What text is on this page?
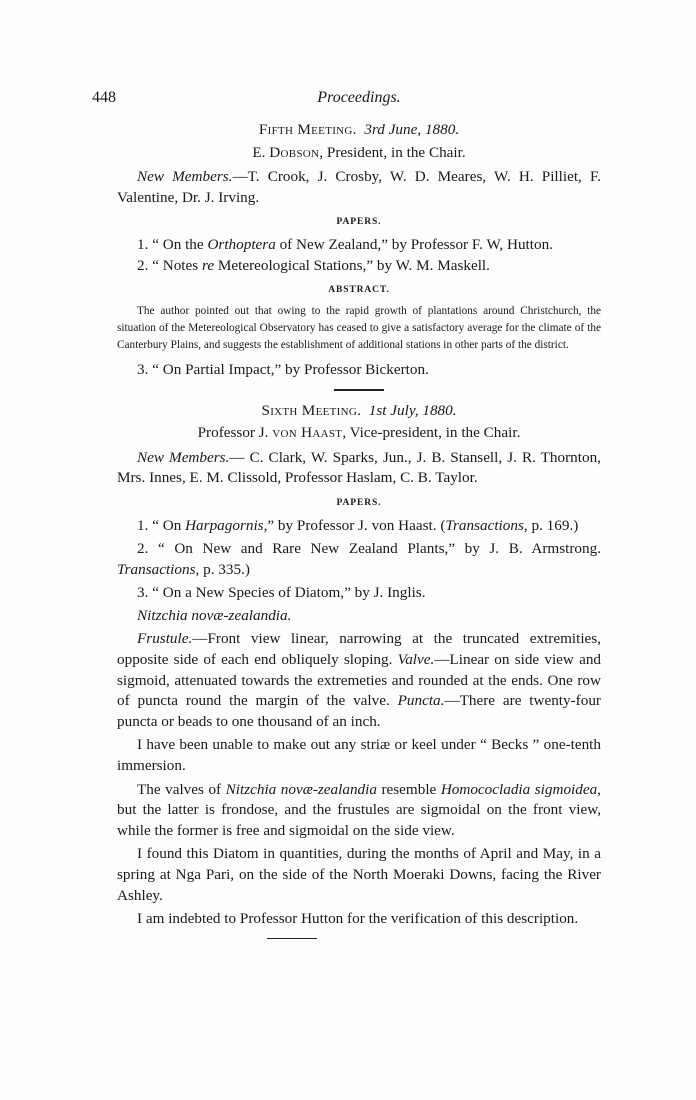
448	Proceedings.
Fifth Meeting. 3rd June, 1880.
E. Dobson, President, in the Chair.

New Members.—T. Crook, J. Crosby, W. D. Meares, W. H. Pilliet, F. Valentine, Dr. J. Irving.

PAPERS.

1. “ On the Orthoptera of New Zealand,” by Professor F. W, Hutton.

2. “ Notes re Metereological Stations,” by W. M. Maskell.

ABSTRACT.

The author pointed out that owing to the rapid growth of plantations around Christchurch, the situation of the Metereological Observatory has ceased to give a satisfactory average for the climate of the Canterbury Plains, and suggests the establishment of additional stations in other parts of the district.

3. “ On Partial Impact,” by Professor Bickerton.

Sixth Meeting. 1st July, 1880.
Professor J. von Haast, Vice-president, in the Chair.

New Members.— C. Clark, W. Sparks, Jun., J. B. Stansell, J. R. Thornton, Mrs. Innes, E. M. Clissold, Professor Haslam, C. B. Taylor.

PAPERS.

1. “ On Harpagornis,” by Professor J. von Haast. (Transactions, p. 169.)

2. “ On New and Rare New Zealand Plants,” by J. B. Armstrong. Transactions, p. 335.)

3. “ On a New Species of Diatom,” by J. Inglis.

Nitzchia novæ-zealandia.

Frustule.—Front view linear, narrowing at the truncated extremities, opposite side of each end obliquely sloping. Valve.—Linear on side view and sigmoid, attenuated towards the extremeties and rounded at the ends. One row of puncta round the margin of the valve. Puncta.—There are twenty-four puncta or beads to one thousand of an inch.

I have been unable to make out any striæ or keel under “ Becks ” one-tenth immersion.

The valves of Nitzchia novæ-zealandia resemble Homococladia sigmoidea, but the latter is frondose, and the frustules are sigmoidal on the front view, while the former is free and sigmoidal on the side view.

I found this Diatom in quantities, during the months of April and May, in a spring at Nga Pari, on the side of the North Moeraki Downs, facing the River Ashley.

I am indebted to Professor Hutton for the verification of this description.
